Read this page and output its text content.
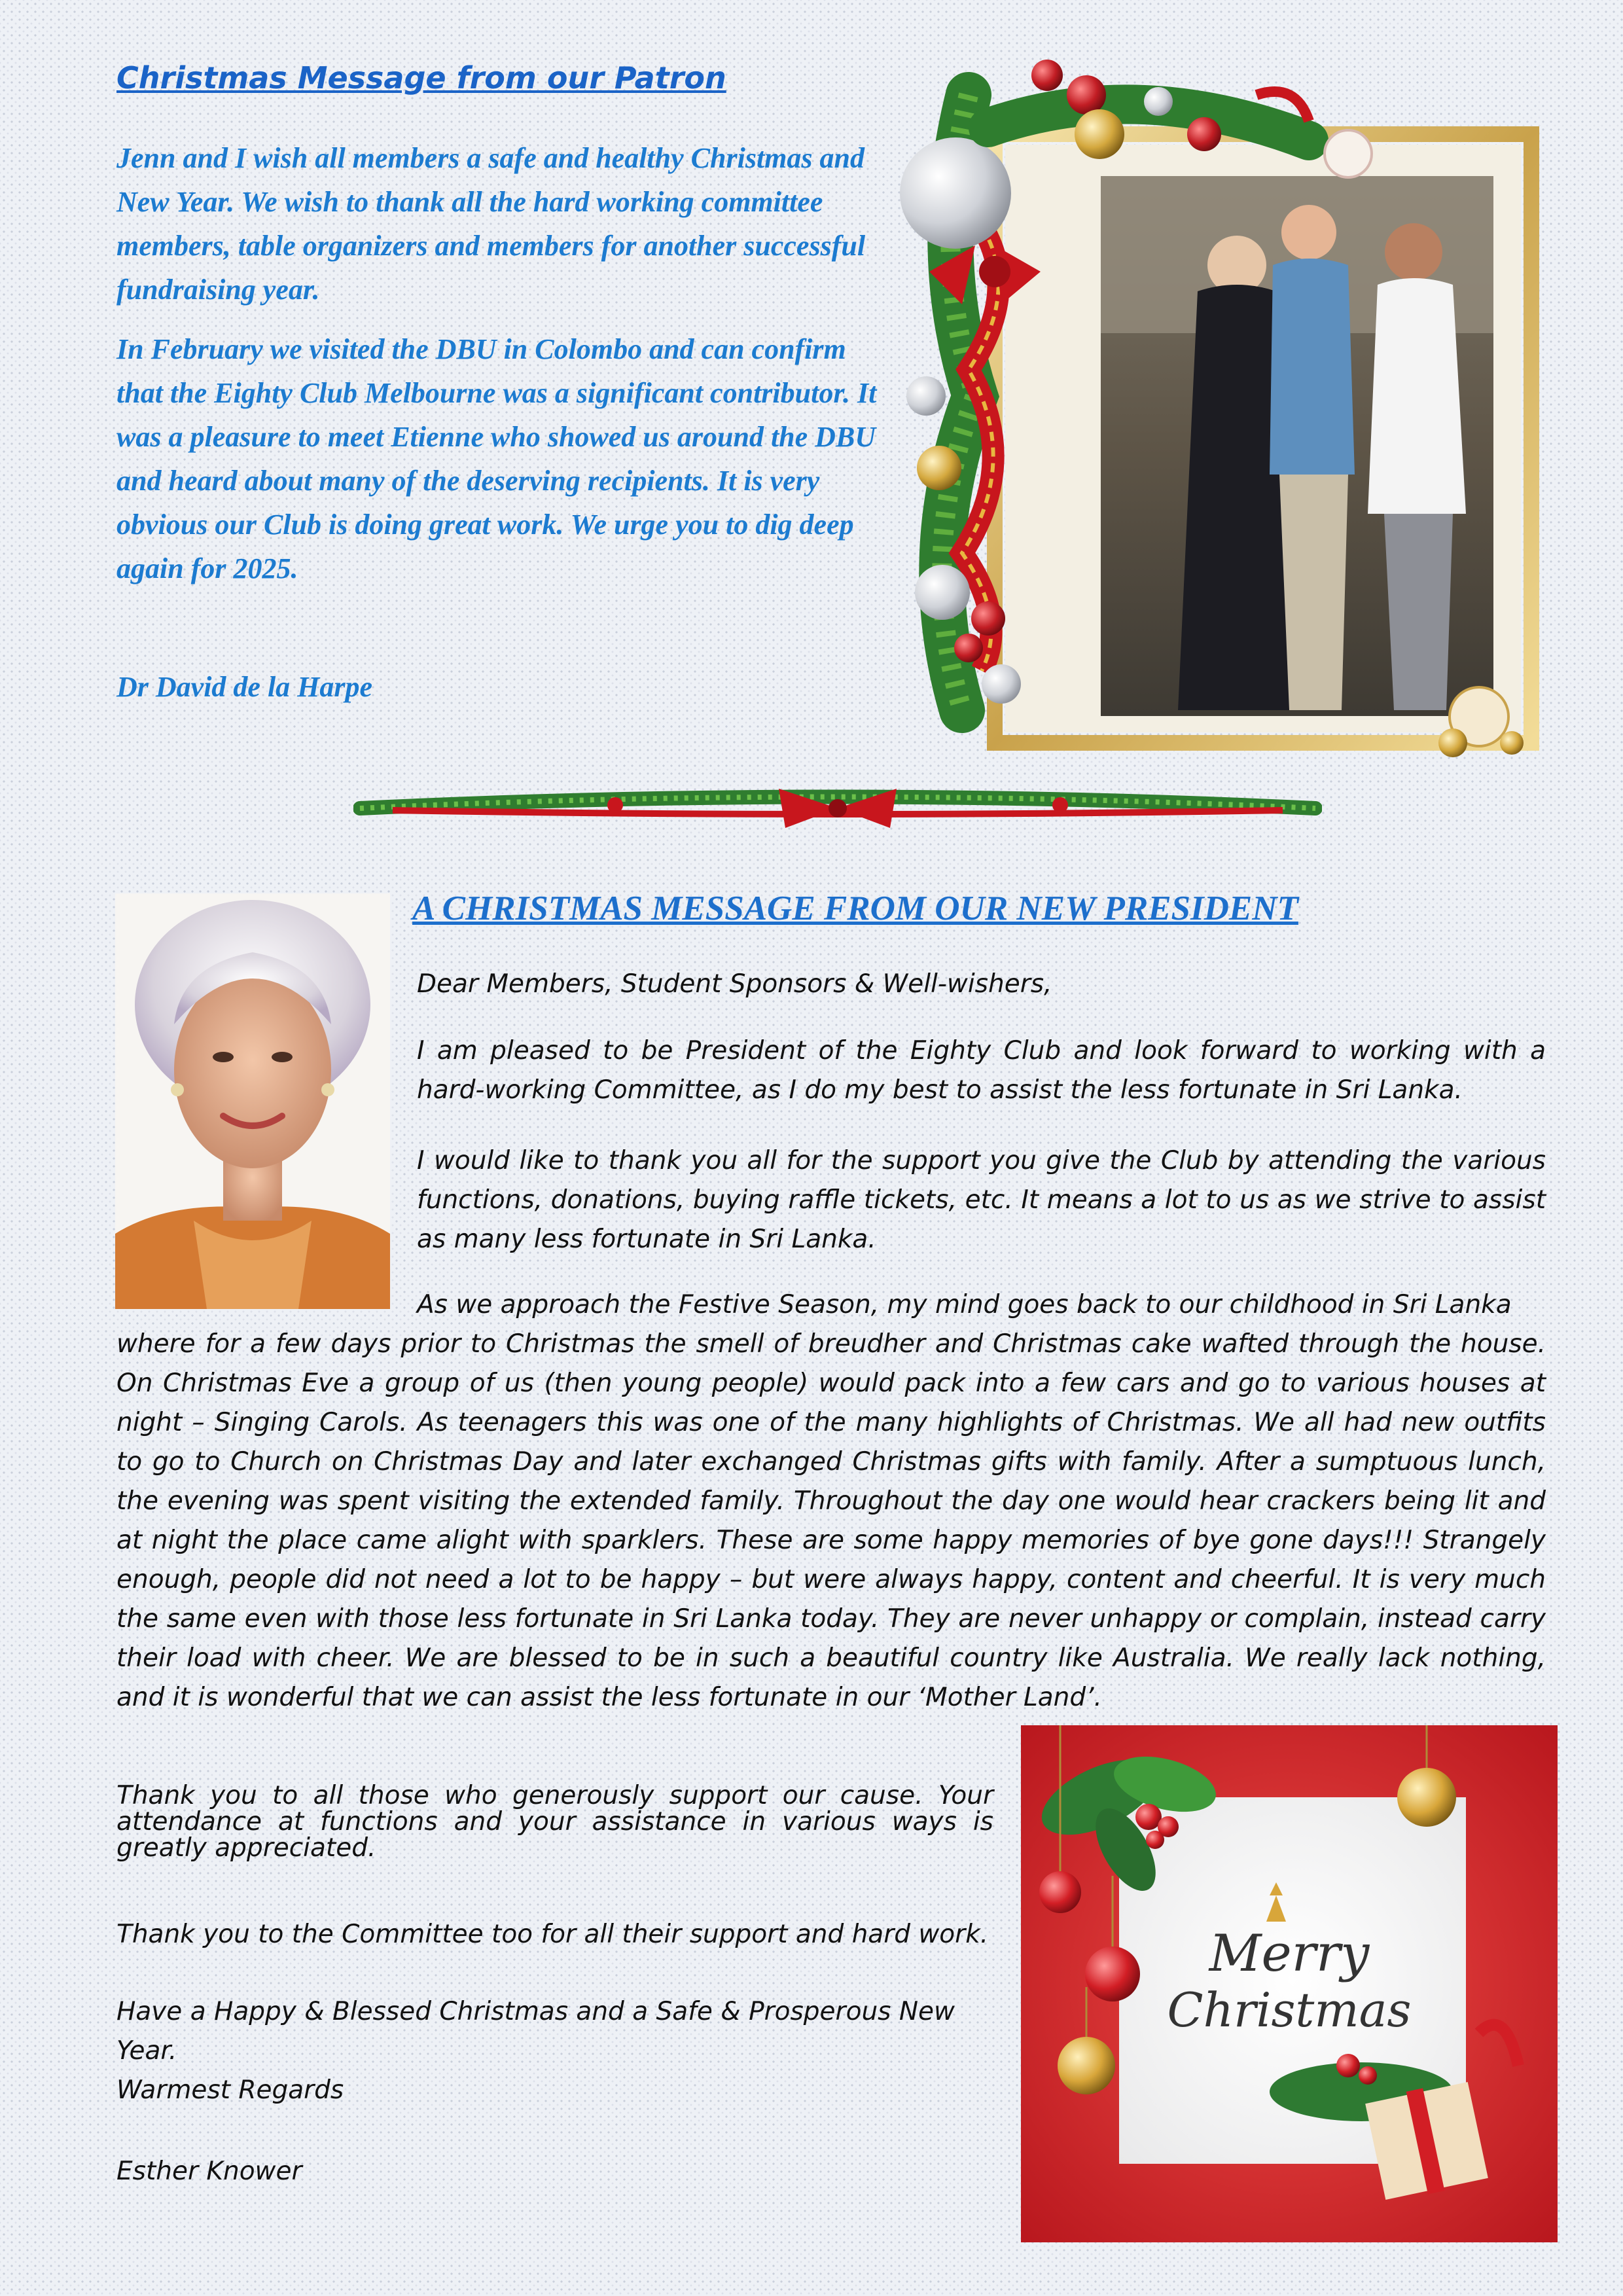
Christmas Message from our Patron

Jenn and I wish all members a safe and healthy Christmas and New Year. We wish to thank all the hard working committee members, table organizers and members for another successful fundraising year.

In February we visited the DBU in Colombo and can confirm that the Eighty Club Melbourne was a significant contributor. It was a pleasure to meet Etienne who showed us around the DBU and heard about many of the deserving recipients. It is very obvious our Club is doing great work. We urge you to dig deep again for 2025.

Dr David de la Harpe
A CHRISTMAS MESSAGE FROM OUR NEW PRESIDENT
Dear Members, Student Sponsors & Well-wishers,
I am pleased to be President of the Eighty Club and look forward to working with a hard-working Committee, as I do my best to assist the less fortunate in Sri Lanka.
I would like to thank you all for the support you give the Club by attending the various functions, donations, buying raffle tickets, etc. It means a lot to us as we strive to assist as many less fortunate in Sri Lanka.
As we approach the Festive Season, my mind goes back to our childhood in Sri Lanka
where for a few days prior to Christmas the smell of breudher and Christmas cake wafted through the house. On Christmas Eve a group of us (then young people) would pack into a few cars and go to various houses at night – Singing Carols. As teenagers this was one of the many highlights of Christmas. We all had new outfits to go to Church on Christmas Day and later exchanged Christmas gifts with family. After a sumptuous lunch, the evening was spent visiting the extended family. Throughout the day one would hear crackers being lit and at night the place came alight with sparklers. These are some happy memories of bye gone days!!! Strangely enough, people did not need a lot to be happy – but were always happy, content and cheerful. It is very much the same even with those less fortunate in Sri Lanka today. They are never unhappy or complain, instead carry their load with cheer. We are blessed to be in such a beautiful country like Australia. We really lack nothing, and it is wonderful that we can assist the less fortunate in our ‘Mother Land’.
Thank you to all those who generously support our cause. Your attendance at functions and your assistance in various ways is greatly appreciated.
Thank you to the Committee too for all their support and hard work.

Have a Happy & Blessed Christmas and a Safe & Prosperous New Year.

Warmest Regards

Esther Knower
Merry
Christmas
